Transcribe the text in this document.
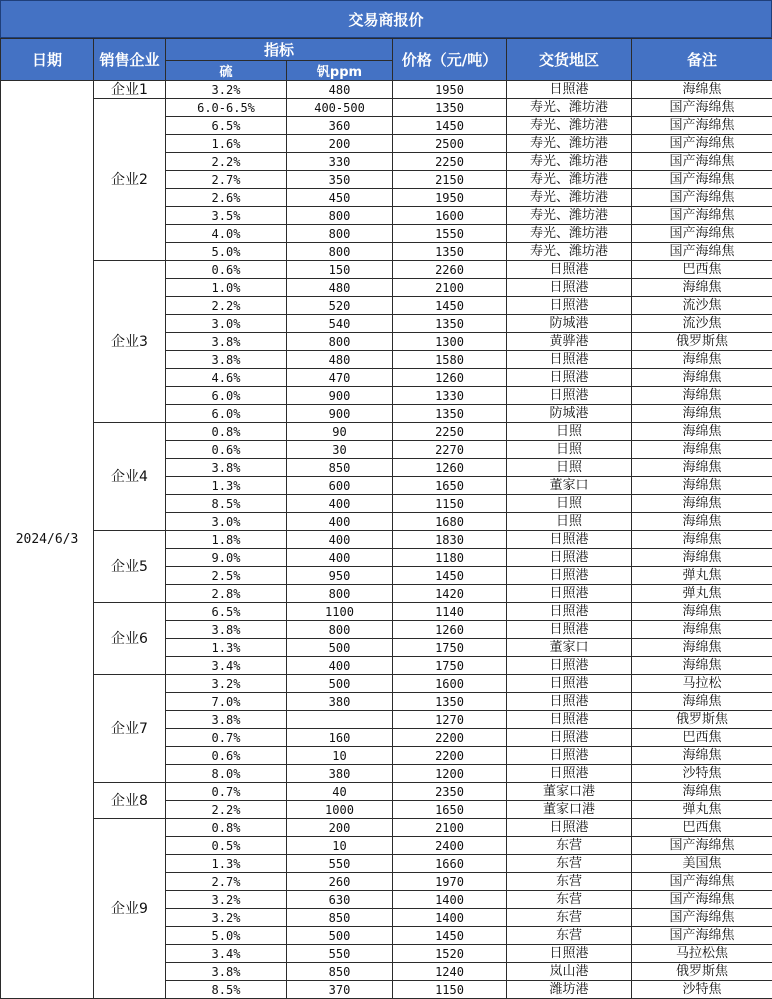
交易商报价
日期	销售企业	指标		价格（元/吨）	交货地区	备注
		硫	钒ppm			
2024/6/3	企业1	3.2%	480	1950	日照港	海绵焦
	企业2	6.0-6.5%	400-500	1350	寿光、潍坊港	国产海绵焦
		6.5%	360	1450	寿光、潍坊港	国产海绵焦
		1.6%	200	2500	寿光、潍坊港	国产海绵焦
		2.2%	330	2250	寿光、潍坊港	国产海绵焦
		2.7%	350	2150	寿光、潍坊港	国产海绵焦
		2.6%	450	1950	寿光、潍坊港	国产海绵焦
		3.5%	800	1600	寿光、潍坊港	国产海绵焦
		4.0%	800	1550	寿光、潍坊港	国产海绵焦
		5.0%	800	1350	寿光、潍坊港	国产海绵焦
	企业3	0.6%	150	2260	日照港	巴西焦
		1.0%	480	2100	日照港	海绵焦
		2.2%	520	1450	日照港	流沙焦
		3.0%	540	1350	防城港	流沙焦
		3.8%	800	1300	黄骅港	俄罗斯焦
		3.8%	480	1580	日照港	海绵焦
		4.6%	470	1260	日照港	海绵焦
		6.0%	900	1330	日照港	海绵焦
		6.0%	900	1350	防城港	海绵焦
	企业4	0.8%	90	2250	日照	海绵焦
		0.6%	30	2270	日照	海绵焦
		3.8%	850	1260	日照	海绵焦
		1.3%	600	1650	董家口	海绵焦
		8.5%	400	1150	日照	海绵焦
		3.0%	400	1680	日照	海绵焦
	企业5	1.8%	400	1830	日照港	海绵焦
		9.0%	400	1180	日照港	海绵焦
		2.5%	950	1450	日照港	弹丸焦
		2.8%	800	1420	日照港	弹丸焦
	企业6	6.5%	1100	1140	日照港	海绵焦
		3.8%	800	1260	日照港	海绵焦
		1.3%	500	1750	董家口	海绵焦
		3.4%	400	1750	日照港	海绵焦
	企业7	3.2%	500	1600	日照港	马拉松
		7.0%	380	1350	日照港	海绵焦
		3.8%		1270	日照港	俄罗斯焦
		0.7%	160	2200	日照港	巴西焦
		0.6%	10	2200	日照港	海绵焦
		8.0%	380	1200	日照港	沙特焦
	企业8	0.7%	40	2350	董家口港	海绵焦
		2.2%	1000	1650	董家口港	弹丸焦
	企业9	0.8%	200	2100	日照港	巴西焦
		0.5%	10	2400	东营	国产海绵焦
		1.3%	550	1660	东营	美国焦
		2.7%	260	1970	东营	国产海绵焦
		3.2%	630	1400	东营	国产海绵焦
		3.2%	850	1400	东营	国产海绵焦
		5.0%	500	1450	东营	国产海绵焦
		3.4%	550	1520	日照港	马拉松焦
		3.8%	850	1240	岚山港	俄罗斯焦
		8.5%	370	1150	潍坊港	沙特焦
